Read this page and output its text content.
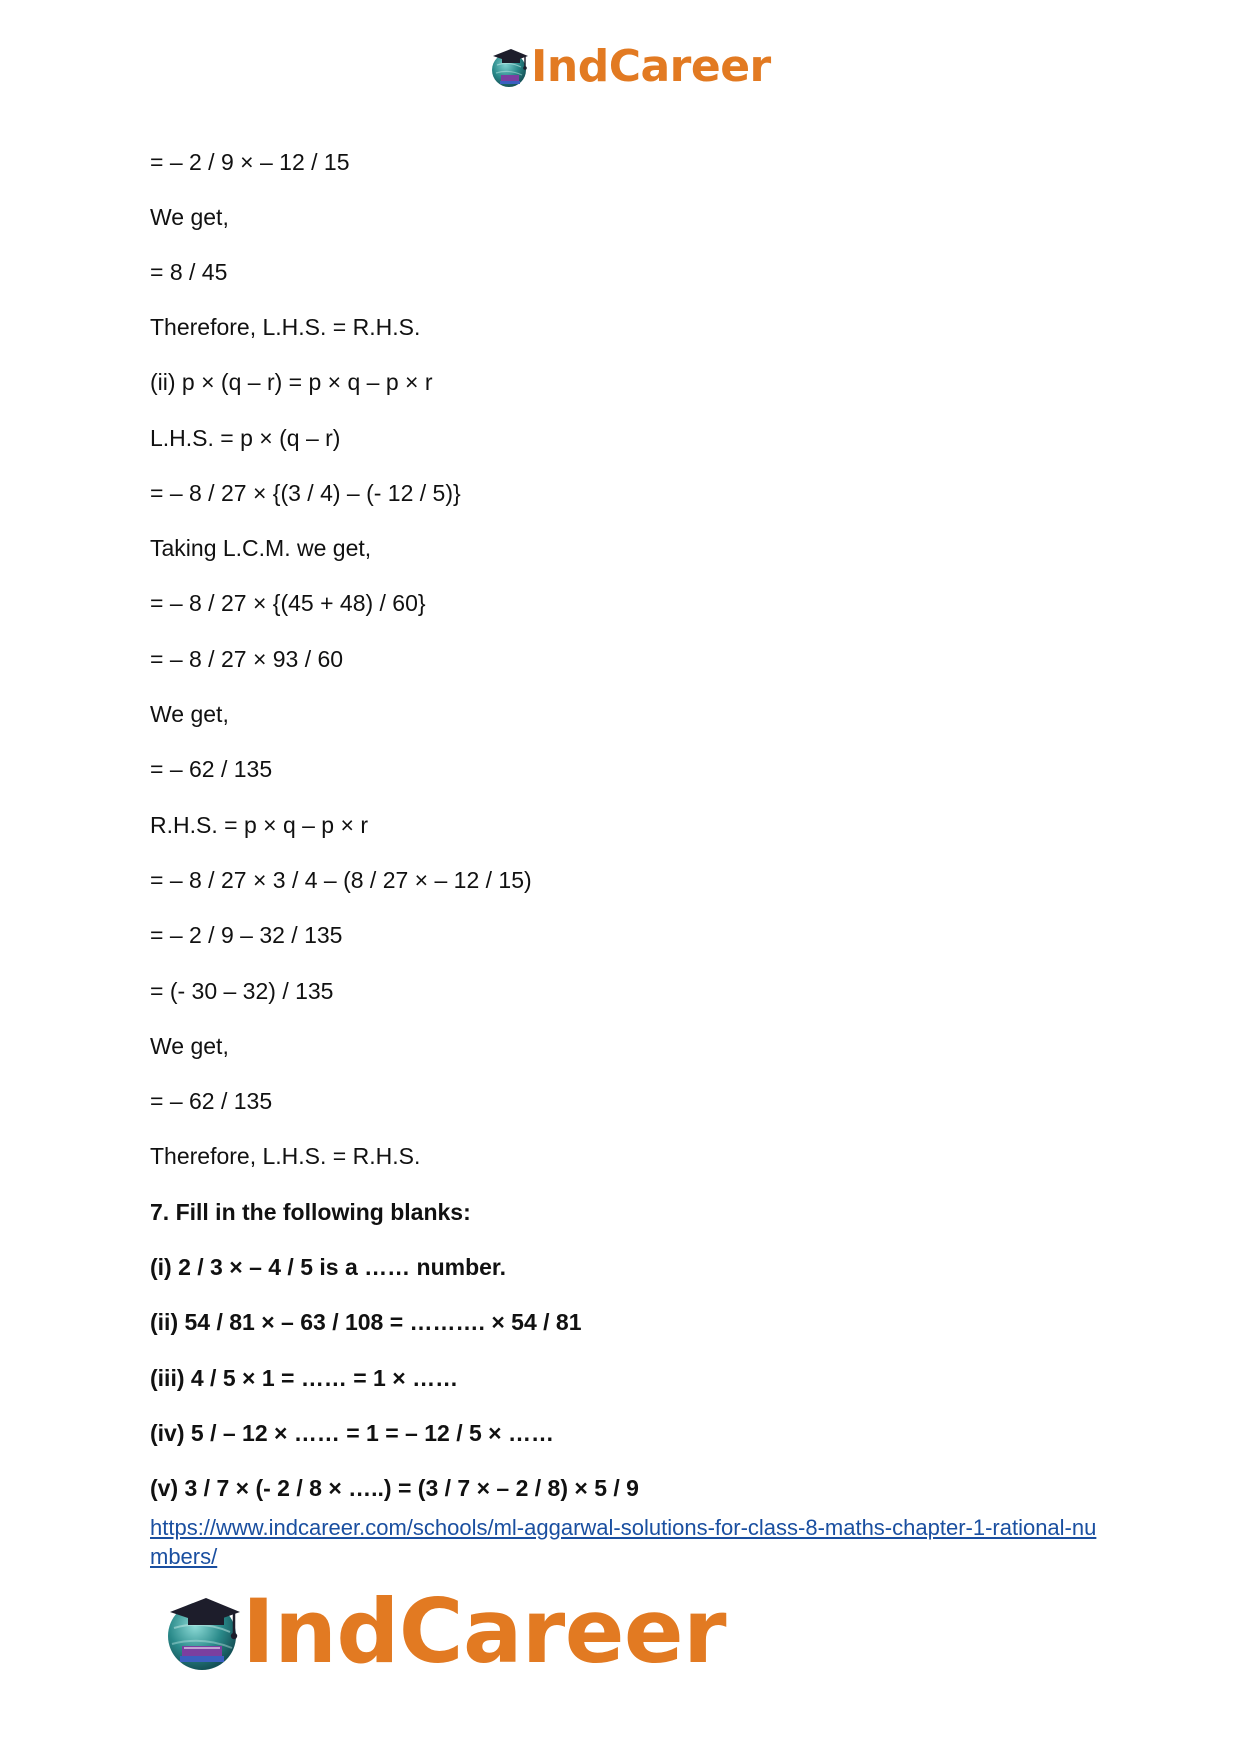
IndCareer
= – 2 / 9 × – 12 / 15
We get,
= 8 / 45
Therefore, L.H.S. = R.H.S.
(ii) p × (q – r) = p × q – p × r
L.H.S. = p × (q – r)
= – 8 / 27 × {(3 / 4) – (- 12 / 5)}
Taking L.C.M. we get,
= – 8 / 27 × {(45 + 48) / 60}
= – 8 / 27 × 93 / 60
We get,
= – 62 / 135
R.H.S. = p × q – p × r
= – 8 / 27 × 3 / 4 – (8 / 27 × – 12 / 15)
= – 2 / 9 – 32 / 135
= (- 30 – 32) / 135
We get,
= – 62 / 135
Therefore, L.H.S. = R.H.S.
7. Fill in the following blanks:
(i) 2 / 3 × – 4 / 5 is a …… number.
(ii) 54 / 81 × – 63 / 108 = ………. × 54 / 81
(iii) 4 / 5 × 1 = …… = 1 × ……
(iv) 5 / – 12 × …… = 1 = – 12 / 5 × ……
(v) 3 / 7 × (- 2 / 8 × …..) = (3 / 7 × – 2 / 8) × 5 / 9
https://www.indcareer.com/schools/ml-aggarwal-solutions-for-class-8-maths-chapter-1-rational-numbers/
IndCareer
